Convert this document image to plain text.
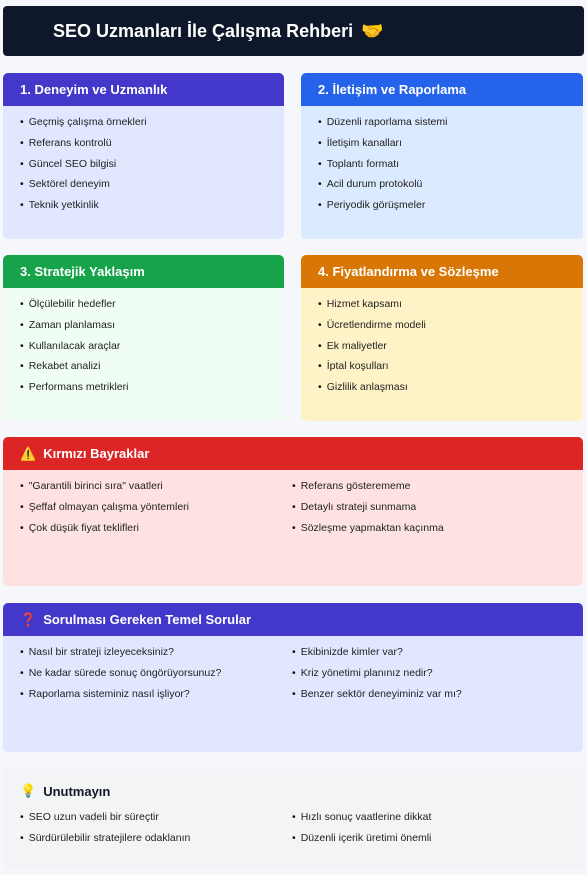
SEO Uzmanları İle Çalışma Rehberi 🤝
1. Deneyim ve Uzmanlık
• Geçmiş çalışma örnekleri
• Referans kontrolü
• Güncel SEO bilgisi
• Sektörel deneyim
• Teknik yetkinlik
2. İletişim ve Raporlama
• Düzenli raporlama sistemi
• İletişim kanalları
• Toplantı formatı
• Acil durum protokolü
• Periyodik görüşmeler
3. Stratejik Yaklaşım
• Ölçülebilir hedefler
• Zaman planlaması
• Kullanılacak araçlar
• Rekabet analizi
• Performans metrikleri
4. Fiyatlandırma ve Sözleşme
• Hizmet kapsamı
• Ücretlendirme modeli
• Ek maliyetler
• İptal koşulları
• Gizlilik anlaşması
⚠️ Kırmızı Bayraklar
• "Garantili birinci sıra" vaatleri
• Şeffaf olmayan çalışma yöntemleri
• Çok düşük fiyat teklifleri
• Referans gösterememe
• Detaylı strateji sunmama
• Sözleşme yapmaktan kaçınma
❓ Sorulması Gereken Temel Sorular
• Nasıl bir strateji izleyeceksiniz?
• Ne kadar sürede sonuç öngörüyorsunuz?
• Raporlama sisteminiz nasıl işliyor?
• Ekibinizde kimler var?
• Kriz yönetimi planınız nedir?
• Benzer sektör deneyiminiz var mı?
💡 Unutmayın
• SEO uzun vadeli bir süreçtir
• Sürdürülebilir stratejilere odaklanın
• Hızlı sonuç vaatlerine dikkat
• Düzenli içerik üretimi önemli
